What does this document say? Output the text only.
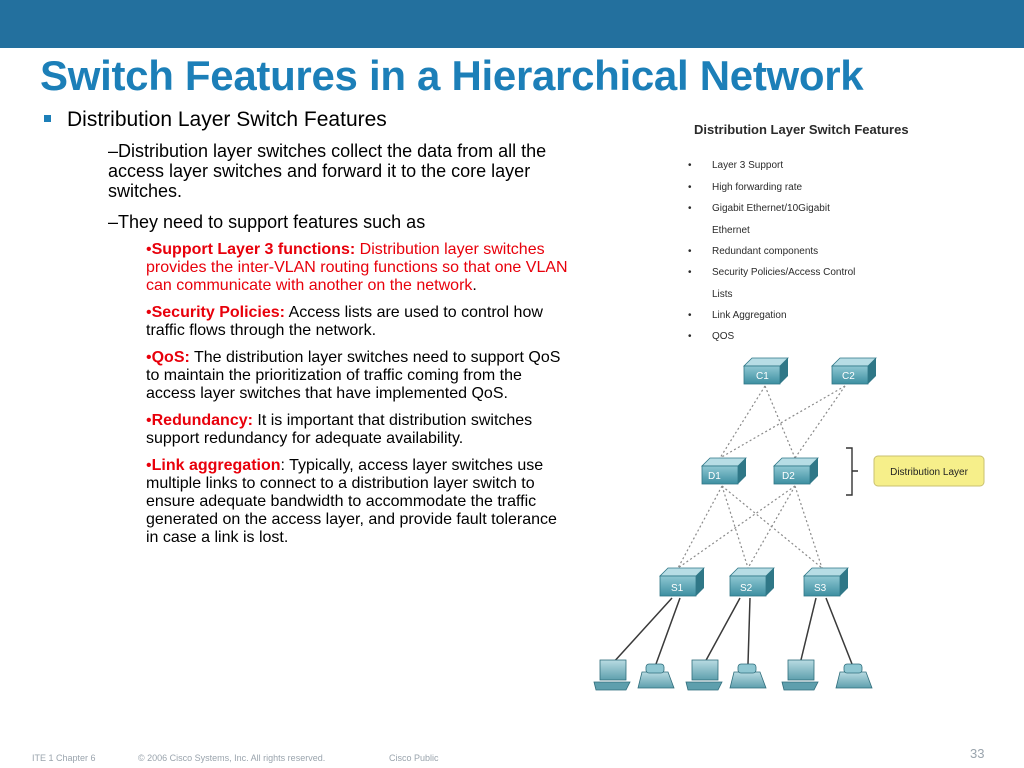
Switch Features in a Hierarchical Network
Distribution Layer Switch Features
–Distribution layer switches collect the data from all the access layer switches and forward it to the core layer switches.
–They need to support features such as
•Support Layer 3 functions: Distribution layer switches provides the inter-VLAN routing functions so that one VLAN can communicate with another on the network.
•Security Policies: Access lists are used to control how traffic flows through the network.
•QoS: The distribution layer switches need to support QoS to maintain the prioritization of traffic coming from the access layer switches that have implemented QoS.
•Redundancy: It is important that distribution switches support redundancy for adequate availability.
•Link aggregation: Typically, access layer switches use multiple links to connect to a distribution layer switch to ensure adequate bandwidth to accommodate the traffic generated on the access layer, and provide fault tolerance in case a link is lost.
Distribution Layer Switch Features
• Layer 3 Support
• High forwarding rate
• Gigabit Ethernet/10Gigabit
Ethernet
• Redundant components
• Security Policies/Access Control
Lists
• Link Aggregation
• QOS
C1	C2
D1	D2
S1	S2	S3
Distribution Layer
ITE 1 Chapter 6	© 2006 Cisco Systems, Inc. All rights reserved.	Cisco Public	33
